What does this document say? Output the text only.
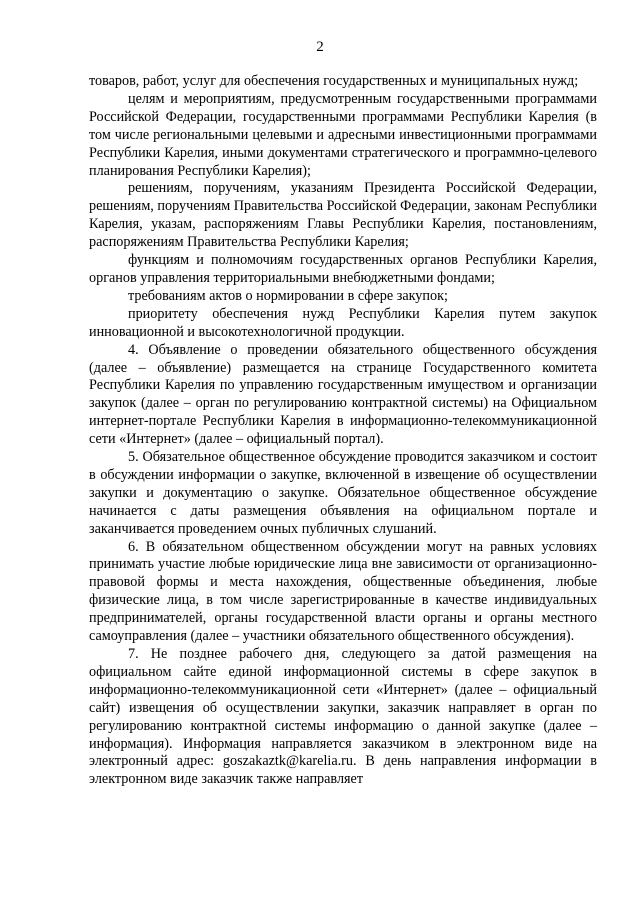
2

товаров, работ, услуг для обеспечения государственных и муниципальных нужд;

целям и мероприятиям, предусмотренным государственными программами Российской Федерации, государственными программами Республики Карелия (в том числе региональными целевыми и адресными инвестиционными программами Республики Карелия, иными документами стратегического и программно-целевого планирования Республики Карелия);

решениям, поручениям, указаниям Президента Российской Федерации, решениям, поручениям Правительства Российской Федерации, законам Республики Карелия, указам, распоряжениям Главы Республики Карелия, постановлениям, распоряжениям Правительства Республики Карелия;

функциям и полномочиям государственных органов Республики Карелия, органов управления территориальными внебюджетными фондами;

требованиям актов о нормировании в сфере закупок;

приоритету обеспечения нужд Республики Карелия путем закупок инновационной и высокотехнологичной продукции.

4. Объявление о проведении обязательного общественного обсуждения (далее – объявление) размещается на странице Государственного комитета Республики Карелия по управлению государственным имуществом и организации закупок (далее – орган по регулированию контрактной системы) на Официальном интернет-портале Республики Карелия в информационно-телекоммуникационной сети «Интернет» (далее – официальный портал).

5. Обязательное общественное обсуждение проводится заказчиком и состоит в обсуждении информации о закупке, включенной в извещение об осуществлении закупки и документацию о закупке. Обязательное общественное обсуждение начинается с даты размещения объявления на официальном портале и заканчивается проведением очных публичных слушаний.

6. В обязательном общественном обсуждении могут на равных условиях принимать участие любые юридические лица вне зависимости от организационно-правовой формы и места нахождения, общественные объединения, любые физические лица, в том числе зарегистрированные в качестве индивидуальных предпринимателей, органы государственной власти органы и органы местного самоуправления (далее – участники обязательного общественного обсуждения).

7. Не позднее рабочего дня, следующего за датой размещения на официальном сайте единой информационной системы в сфере закупок в информационно-телекоммуникационной сети «Интернет» (далее – официальный сайт) извещения об осуществлении закупки, заказчик направляет в орган по регулированию контрактной системы информацию о данной закупке (далее – информация). Информация направляется заказчиком в электронном виде на электронный адрес: goszakaztk@karelia.ru. В день направления информации в электронном виде заказчик также направляет
